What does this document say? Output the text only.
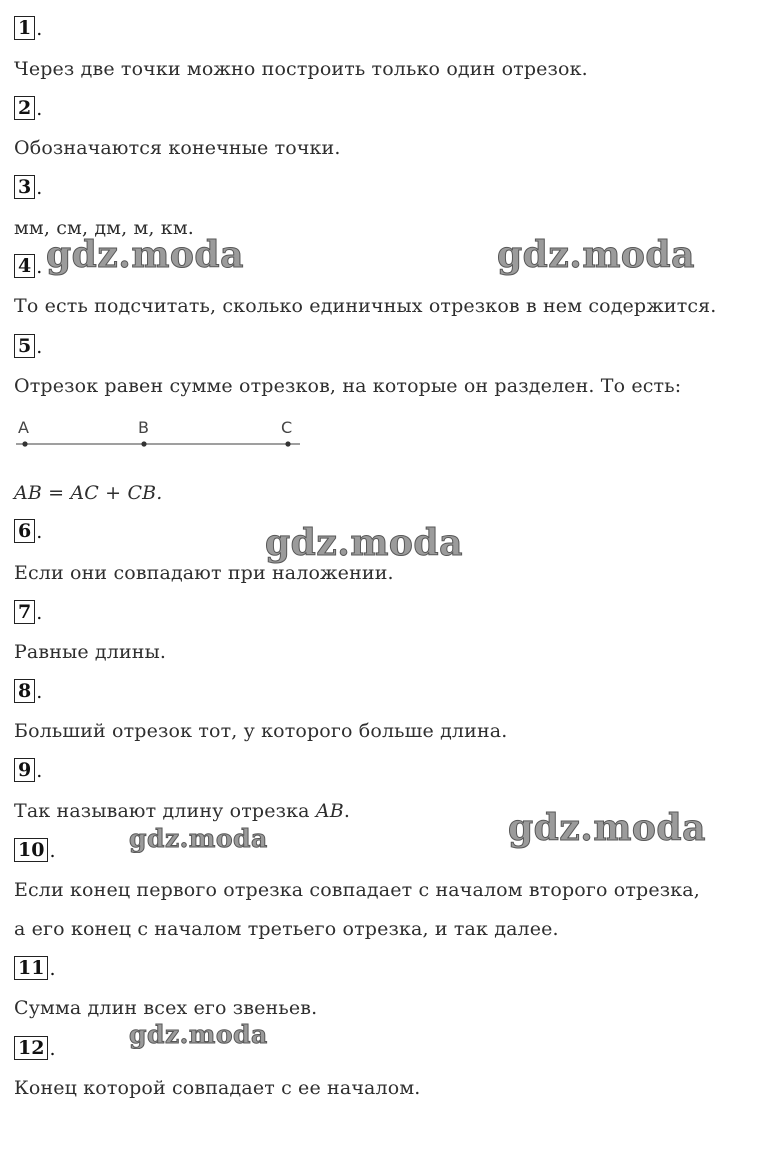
1 .
Через две точки можно построить только один отрезок.
2 .
Обозначаются конечные точки.
3 .
мм, см, дм, м, км.
4 .
То есть подсчитать, сколько единичных отрезков в нем содержится.
5 .
Отрезок равен сумме отрезков, на которые он разделен. То есть:
A	B	C
AB = AC + CB.
6 .
Если они совпадают при наложении.
7 .
Равные длины.
8 .
Больший отрезок тот, у которого больше длина.
9 .
Так называют длину отрезка AB.
10 .
Если конец первого отрезка совпадает с началом второго отрезка,
а его конец с началом третьего отрезка, и так далее.
11 .
Сумма длин всех его звеньев.
12 .
Конец которой совпадает с ее началом.
gdz.moda	gdz.moda
gdz.moda
gdz.moda
gdz.moda
gdz.moda
